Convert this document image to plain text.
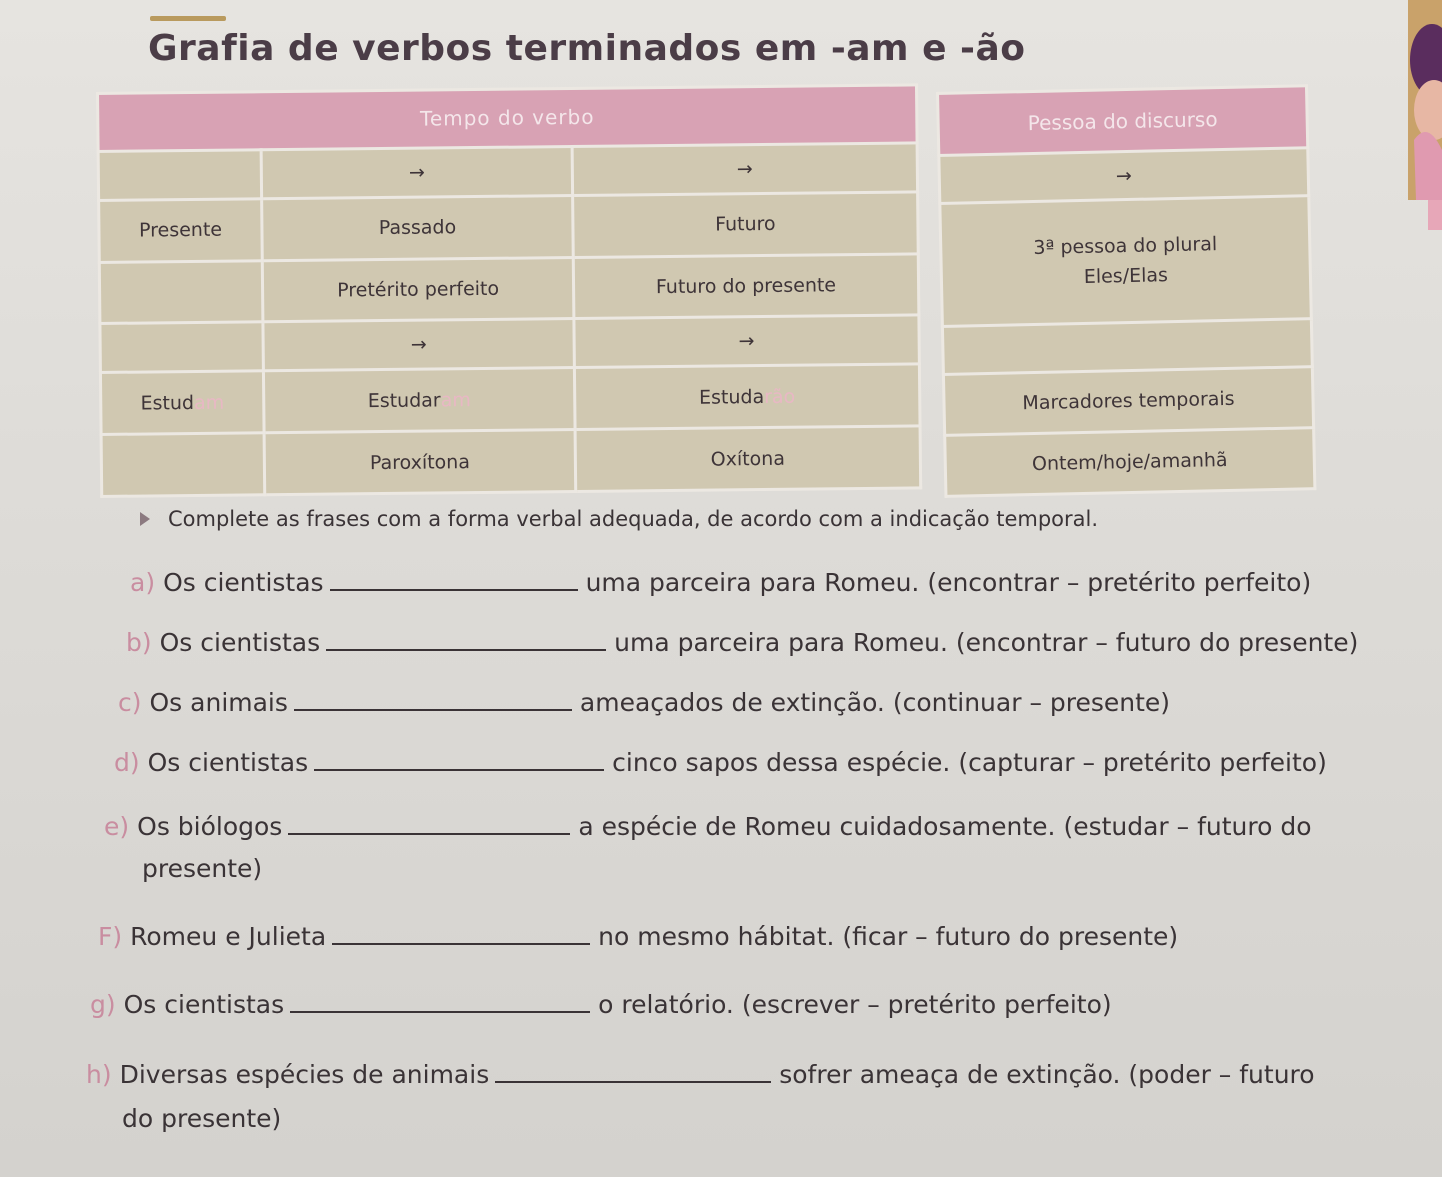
Grafia de verbos terminados em -am e -ão
Tempo do verbo		
	→	→
Presente	Passado	Futuro
	Pretérito perfeito	Futuro do presente
	→	→
Estudam	Estudaram	Estudarão
	Paroxítona	Oxítona
Pessoa do discurso
→

3ª pessoa do plural
Eles/Elas

Marcadores temporais
Ontem/hoje/amanhã
Complete as frases com a forma verbal adequada, de acordo com a indicação temporal.
a) Os cientistas	uma parceira para Romeu. (encontrar – pretérito perfeito)
b) Os cientistas	uma parceira para Romeu. (encontrar – futuro do presente)
c) Os animais	ameaçados de extinção. (continuar – presente)
d) Os cientistas	cinco sapos dessa espécie. (capturar – pretérito perfeito)
e) Os biólogos	a espécie de Romeu cuidadosamente. (estudar – futuro do
presente)
F) Romeu e Julieta	no mesmo hábitat. (ficar – futuro do presente)
g) Os cientistas	o relatório. (escrever – pretérito perfeito)
h) Diversas espécies de animais	sofrer ameaça de extinção. (poder – futuro
do presente)
